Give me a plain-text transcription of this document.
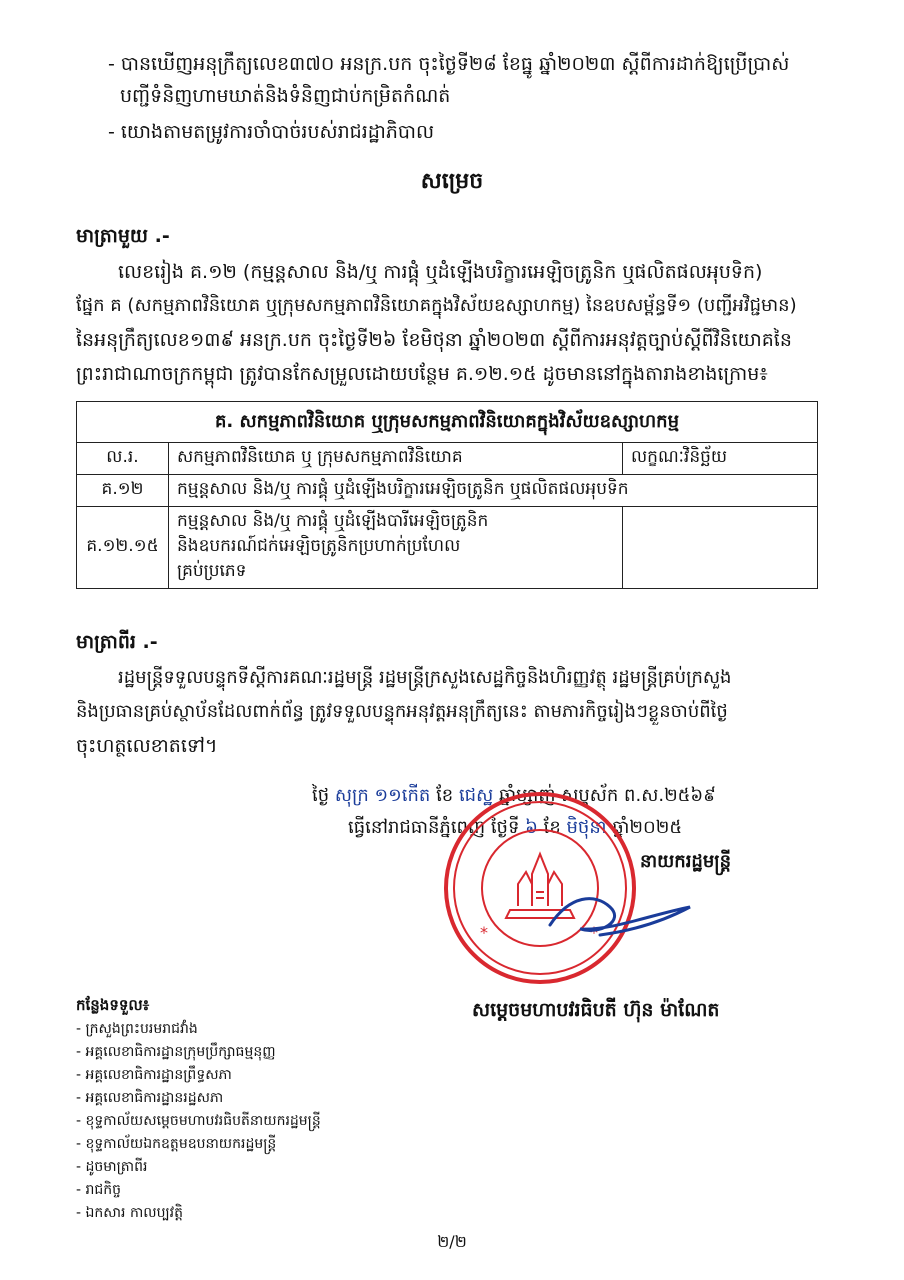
- បានឃើញអនុក្រឹត្យលេខ៣៧០ អនក្រ.បក ចុះថ្ងៃទី២៨ ខែធ្នូ ឆ្នាំ២០២៣ ស្តីពីការដាក់ឱ្យប្រើប្រាស់
បញ្ជីទំនិញហាមឃាត់និងទំនិញជាប់កម្រិតកំណត់
- យោងតាមតម្រូវការចាំបាច់របស់រាជរដ្ឋាភិបាល
សម្រេច
មាត្រាមួយ .-
លេខរៀង គ.១២ (កម្មន្តសាល និង/ឬ ការផ្គុំ ឬដំឡើងបរិក្ខារអេឡិចត្រូនិក ឬផលិតផលអុបទិក)
ផ្នែក គ (សកម្មភាពវិនិយោគ ឬក្រុមសកម្មភាពវិនិយោគក្នុងវិស័យឧស្សាហកម្ម) នៃឧបសម្ព័ន្ធទី១ (បញ្ជីអវិជ្ជមាន)
នៃអនុក្រឹត្យលេខ១៣៩ អនក្រ.បក ចុះថ្ងៃទី២៦ ខែមិថុនា ឆ្នាំ២០២៣ ស្តីពីការអនុវត្តច្បាប់ស្តីពីវិនិយោគនៃ
ព្រះរាជាណាចក្រកម្ពុជា ត្រូវបានកែសម្រួលដោយបន្ថែម គ.១២.១៥ ដូចមាននៅក្នុងតារាងខាងក្រោម៖
គ. សកម្មភាពវិនិយោគ ឬក្រុមសកម្មភាពវិនិយោគក្នុងវិស័យឧស្សាហកម្ម		
ល.រ.	សកម្មភាពវិនិយោគ ឬ ក្រុមសកម្មភាពវិនិយោគ	លក្ខណៈវិនិច្ឆ័យ
គ.១២	កម្មន្តសាល និង/ឬ ការផ្គុំ ឬដំឡើងបរិក្ខារអេឡិចត្រូនិក ឬផលិតផលអុបទិក	
គ.១២.១៥	កម្មន្តសាល និង/ឬ ការផ្គុំ ឬដំឡើងបារីអេឡិចត្រូនិក
និងឧបករណ៍ជក់អេឡិចត្រូនិកប្រហាក់ប្រហែល
គ្រប់ប្រភេទ	

មាត្រាពីរ .-
រដ្ឋមន្ត្រីទទួលបន្ទុកទីស្តីការគណៈរដ្ឋមន្ត្រី រដ្ឋមន្ត្រីក្រសួងសេដ្ឋកិច្ចនិងហិរញ្ញវត្ថុ រដ្ឋមន្ត្រីគ្រប់ក្រសួង
និងប្រធានគ្រប់ស្ថាប័នដែលពាក់ព័ន្ធ ត្រូវទទួលបន្ទុកអនុវត្តអនុក្រឹត្យនេះ តាមភារកិច្ចរៀងៗខ្លួនចាប់ពីថ្ងៃ
ចុះហត្ថលេខាតទៅ។
ថ្ងៃ សុក្រ ១១កើត ខែ ជេស្ឋ ឆ្នាំម្សាញ់ សប្តស័ក ព.ស.២៥៦៩
ធ្វើនៅរាជធានីភ្នំពេញ ថ្ងៃទី ៦ ខែ មិថុនា ឆ្នាំ២០២៥
*	*
នាយករដ្ឋមន្ត្រី
សម្តេចមហាបវរធិបតី ហ៊ុន ម៉ាណែត
កន្លែងទទួល៖
- ក្រសួងព្រះបរមរាជវាំង
- អគ្គលេខាធិការដ្ឋានក្រុមប្រឹក្សាធម្មនុញ្ញ
- អគ្គលេខាធិការដ្ឋានព្រឹទ្ធសភា
- អគ្គលេខាធិការដ្ឋានរដ្ឋសភា
- ខុទ្ទកាល័យសម្តេចមហាបវរធិបតីនាយករដ្ឋមន្ត្រី
- ខុទ្ទកាល័យឯកឧត្តមឧបនាយករដ្ឋមន្ត្រី
- ដូចមាត្រាពីរ
- រាជកិច្ច
- ឯកសារ កាលប្បវត្តិ
២/២
